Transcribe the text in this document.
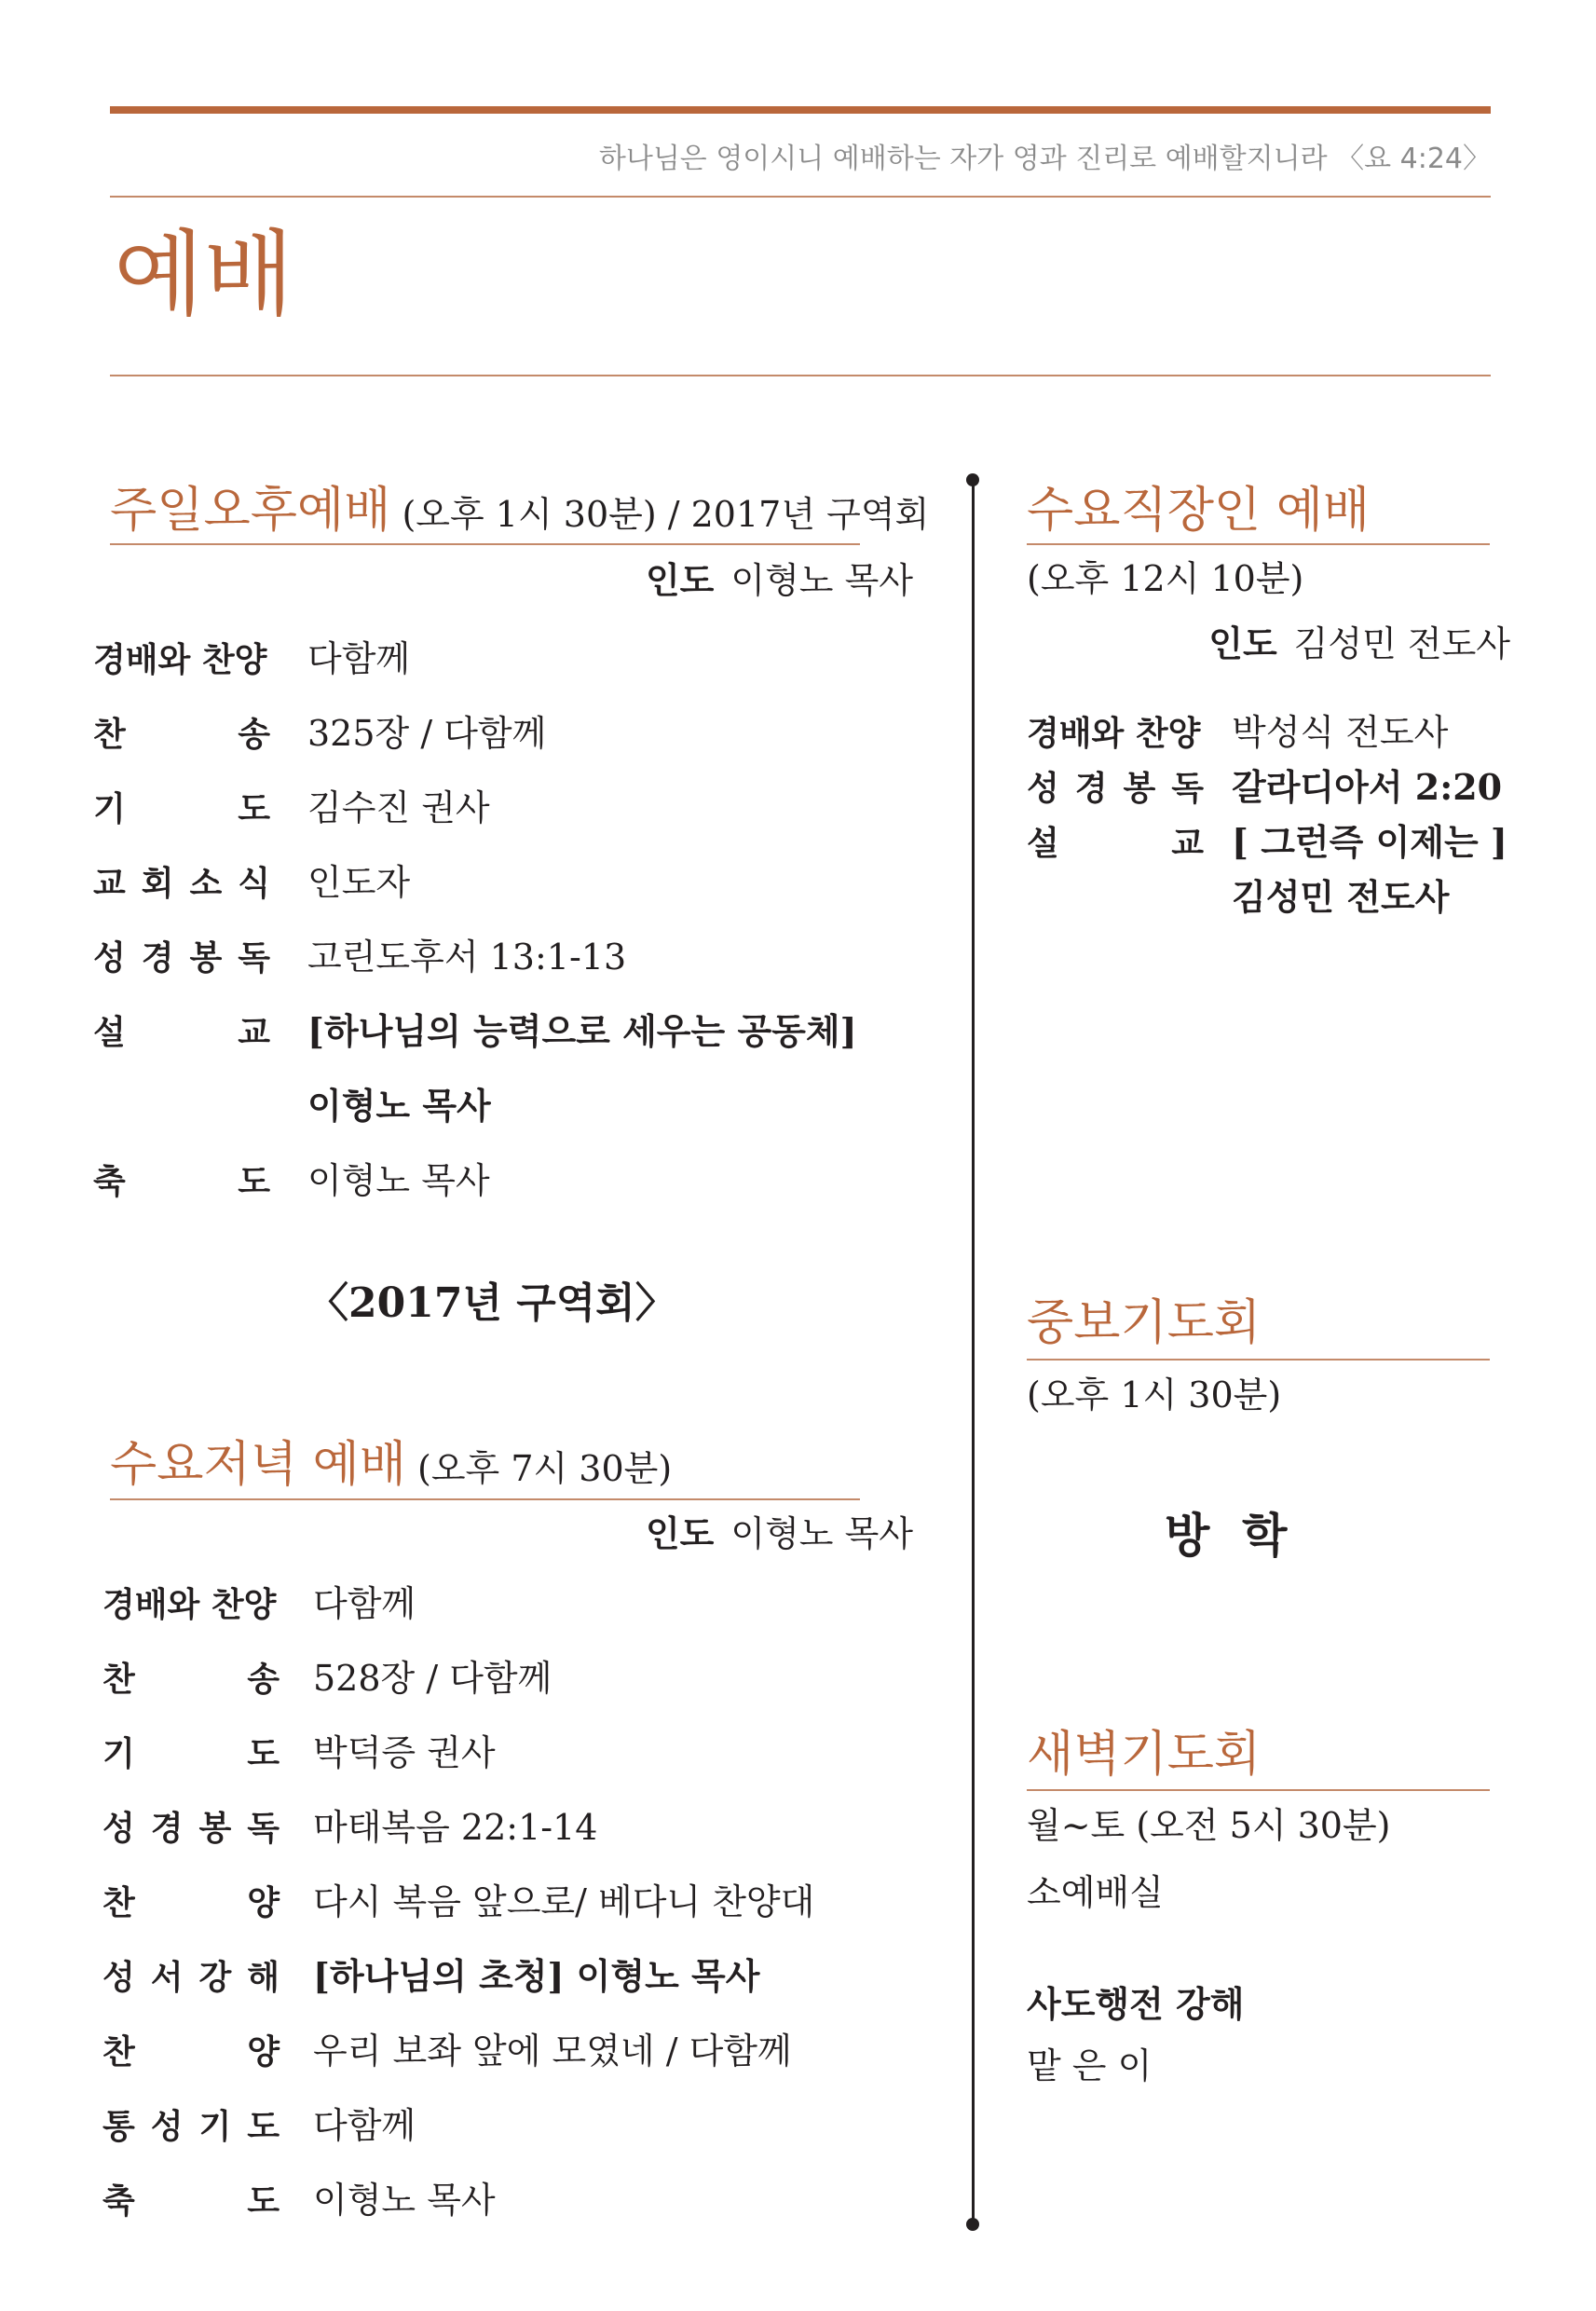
하나님은 영이시니 예배하는 자가 영과 진리로 예배할지니라 〈요 4:24〉
예배
주일오후예배 (오후 1시 30분) / 2017년 구역회
인도 이형노 목사
경배와 찬양 다함께
찬	송 325장 / 다함께
기	도 김수진 권사
교 회 소 식 인도자
성 경 봉 독 고린도후서 13:1-13
설	교 [하나님의 능력으로 세우는 공동체]
이형노 목사
축	도 이형노 목사
〈2017년 구역회〉
수요저녁 예배 (오후 7시 30분)
인도 이형노 목사
경배와 찬양 다함께
찬	송 528장 / 다함께
기	도 박덕증 권사
성 경 봉 독 마태복음 22:1-14
찬	양 다시 복음 앞으로/ 베다니 찬양대
성 서 강 해 [하나님의 초청] 이형노 목사
찬	양 우리 보좌 앞에 모였네 / 다함께
통 성 기 도 다함께
축	도 이형노 목사
수요직장인 예배
(오후 12시 10분)
인도 김성민 전도사
경배와 찬양 박성식 전도사
성 경 봉 독 갈라디아서 2:20
설	교 [ 그런즉 이제는 ]
김성민 전도사
중보기도회
(오후 1시 30분)
방  학
새벽기도회
월~토 (오전 5시 30분)
소예배실
사도행전 강해
맡 은 이
